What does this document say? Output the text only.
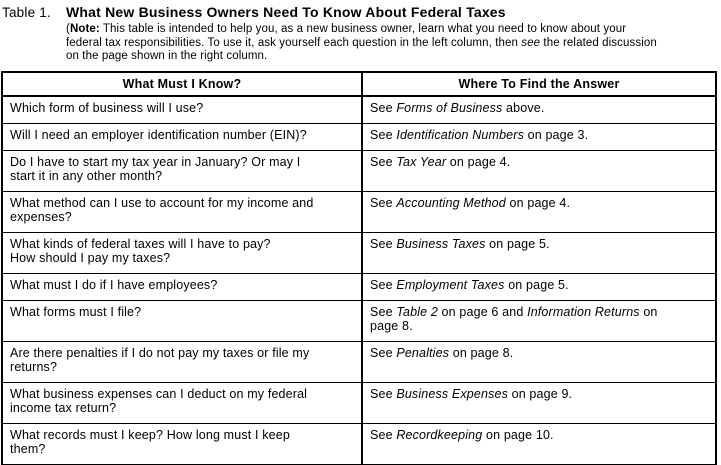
Table 1.	What New Business Owners Need To Know About Federal Taxes

(Note: This table is intended to help you, as a new business owner, learn what you need to know about your
federal tax responsibilities. To use it, ask yourself each question in the left column, then see the related discussion
on the page shown in the right column.

What Must I Know?	Where To Find the Answer
Which form of business will I use?	See Forms of Business above.
Will I need an employer identification number (EIN)?	See Identification Numbers on page 3.
Do I have to start my tax year in January? Or may I
start it in any other month?	See Tax Year on page 4.
What method can I use to account for my income and
expenses?	See Accounting Method on page 4.
What kinds of federal taxes will I have to pay?
How should I pay my taxes?	See Business Taxes on page 5.
What must I do if I have employees?	See Employment Taxes on page 5.
What forms must I file?	See Table 2 on page 6 and Information Returns on
page 8.
Are there penalties if I do not pay my taxes or file my
returns?	See Penalties on page 8.
What business expenses can I deduct on my federal
income tax return?	See Business Expenses on page 9.
What records must I keep? How long must I keep
them?	See Recordkeeping on page 10.
